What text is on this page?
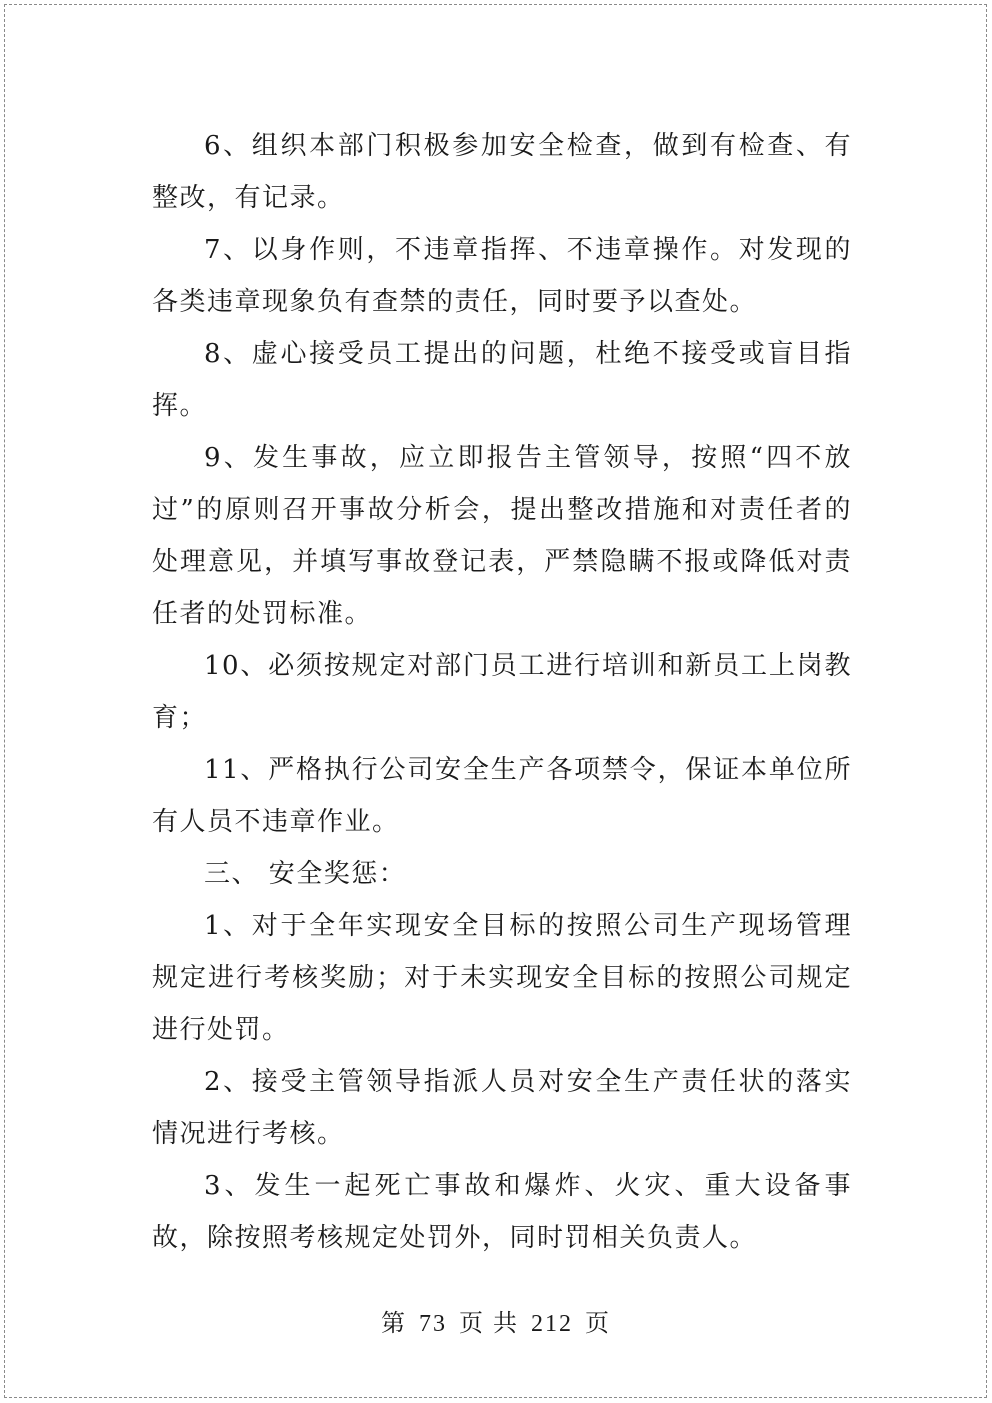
6、组织本部门积极参加安全检查，做到有检查、有整改，有记录。

7、以身作则，不违章指挥、不违章操作。对发现的各类违章现象负有查禁的责任，同时要予以查处。

8、虚心接受员工提出的问题，杜绝不接受或盲目指挥。

9、发生事故，应立即报告主管领导，按照“四不放过”的原则召开事故分析会，提出整改措施和对责任者的处理意见，并填写事故登记表，严禁隐瞒不报或降低对责任者的处罚标准。

10、必须按规定对部门员工进行培训和新员工上岗教育；

11、严格执行公司安全生产各项禁令，保证本单位所有人员不违章作业。

三、 安全奖惩：

1、对于全年实现安全目标的按照公司生产现场管理规定进行考核奖励；对于未实现安全目标的按照公司规定进行处罚。

2、接受主管领导指派人员对安全生产责任状的落实情况进行考核。

3、发生一起死亡事故和爆炸、火灾、重大设备事故，除按照考核规定处罚外，同时罚相关负责人。

第 73 页 共 212 页
